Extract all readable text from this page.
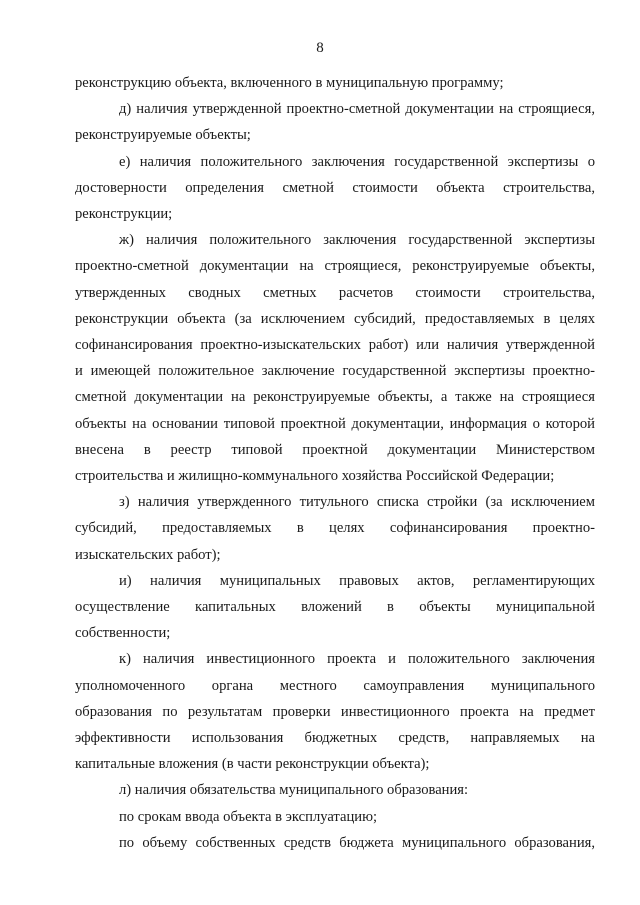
8
реконструкцию объекта, включенного в муниципальную программу;
д) наличия утвержденной проектно-сметной документации на строящиеся,
реконструируемые объекты;
е) наличия положительного заключения государственной экспертизы о
достоверности определения сметной стоимости объекта строительства,
реконструкции;
ж) наличия положительного заключения государственной экспертизы
проектно-сметной документации на строящиеся, реконструируемые объекты,
утвержденных сводных сметных расчетов стоимости строительства,
реконструкции объекта (за исключением субсидий, предоставляемых в целях
софинансирования проектно-изыскательских работ) или наличия утвержденной
и имеющей положительное заключение государственной экспертизы проектно-
сметной документации на реконструируемые объекты, а также на строящиеся
объекты на основании типовой проектной документации, информация о которой
внесена в реестр типовой проектной документации Министерством
строительства и жилищно-коммунального хозяйства Российской Федерации;
з) наличия утвержденного титульного списка стройки (за исключением
субсидий, предоставляемых в целях софинансирования проектно-
изыскательских работ);
и) наличия муниципальных правовых актов, регламентирующих
осуществление капитальных вложений в объекты муниципальной
собственности;
к) наличия инвестиционного проекта и положительного заключения
уполномоченного органа местного самоуправления муниципального
образования по результатам проверки инвестиционного проекта на предмет
эффективности использования бюджетных средств, направляемых на
капитальные вложения (в части реконструкции объекта);
л) наличия обязательства муниципального образования:
по срокам ввода объекта в эксплуатацию;
по объему собственных средств бюджета муниципального образования,
